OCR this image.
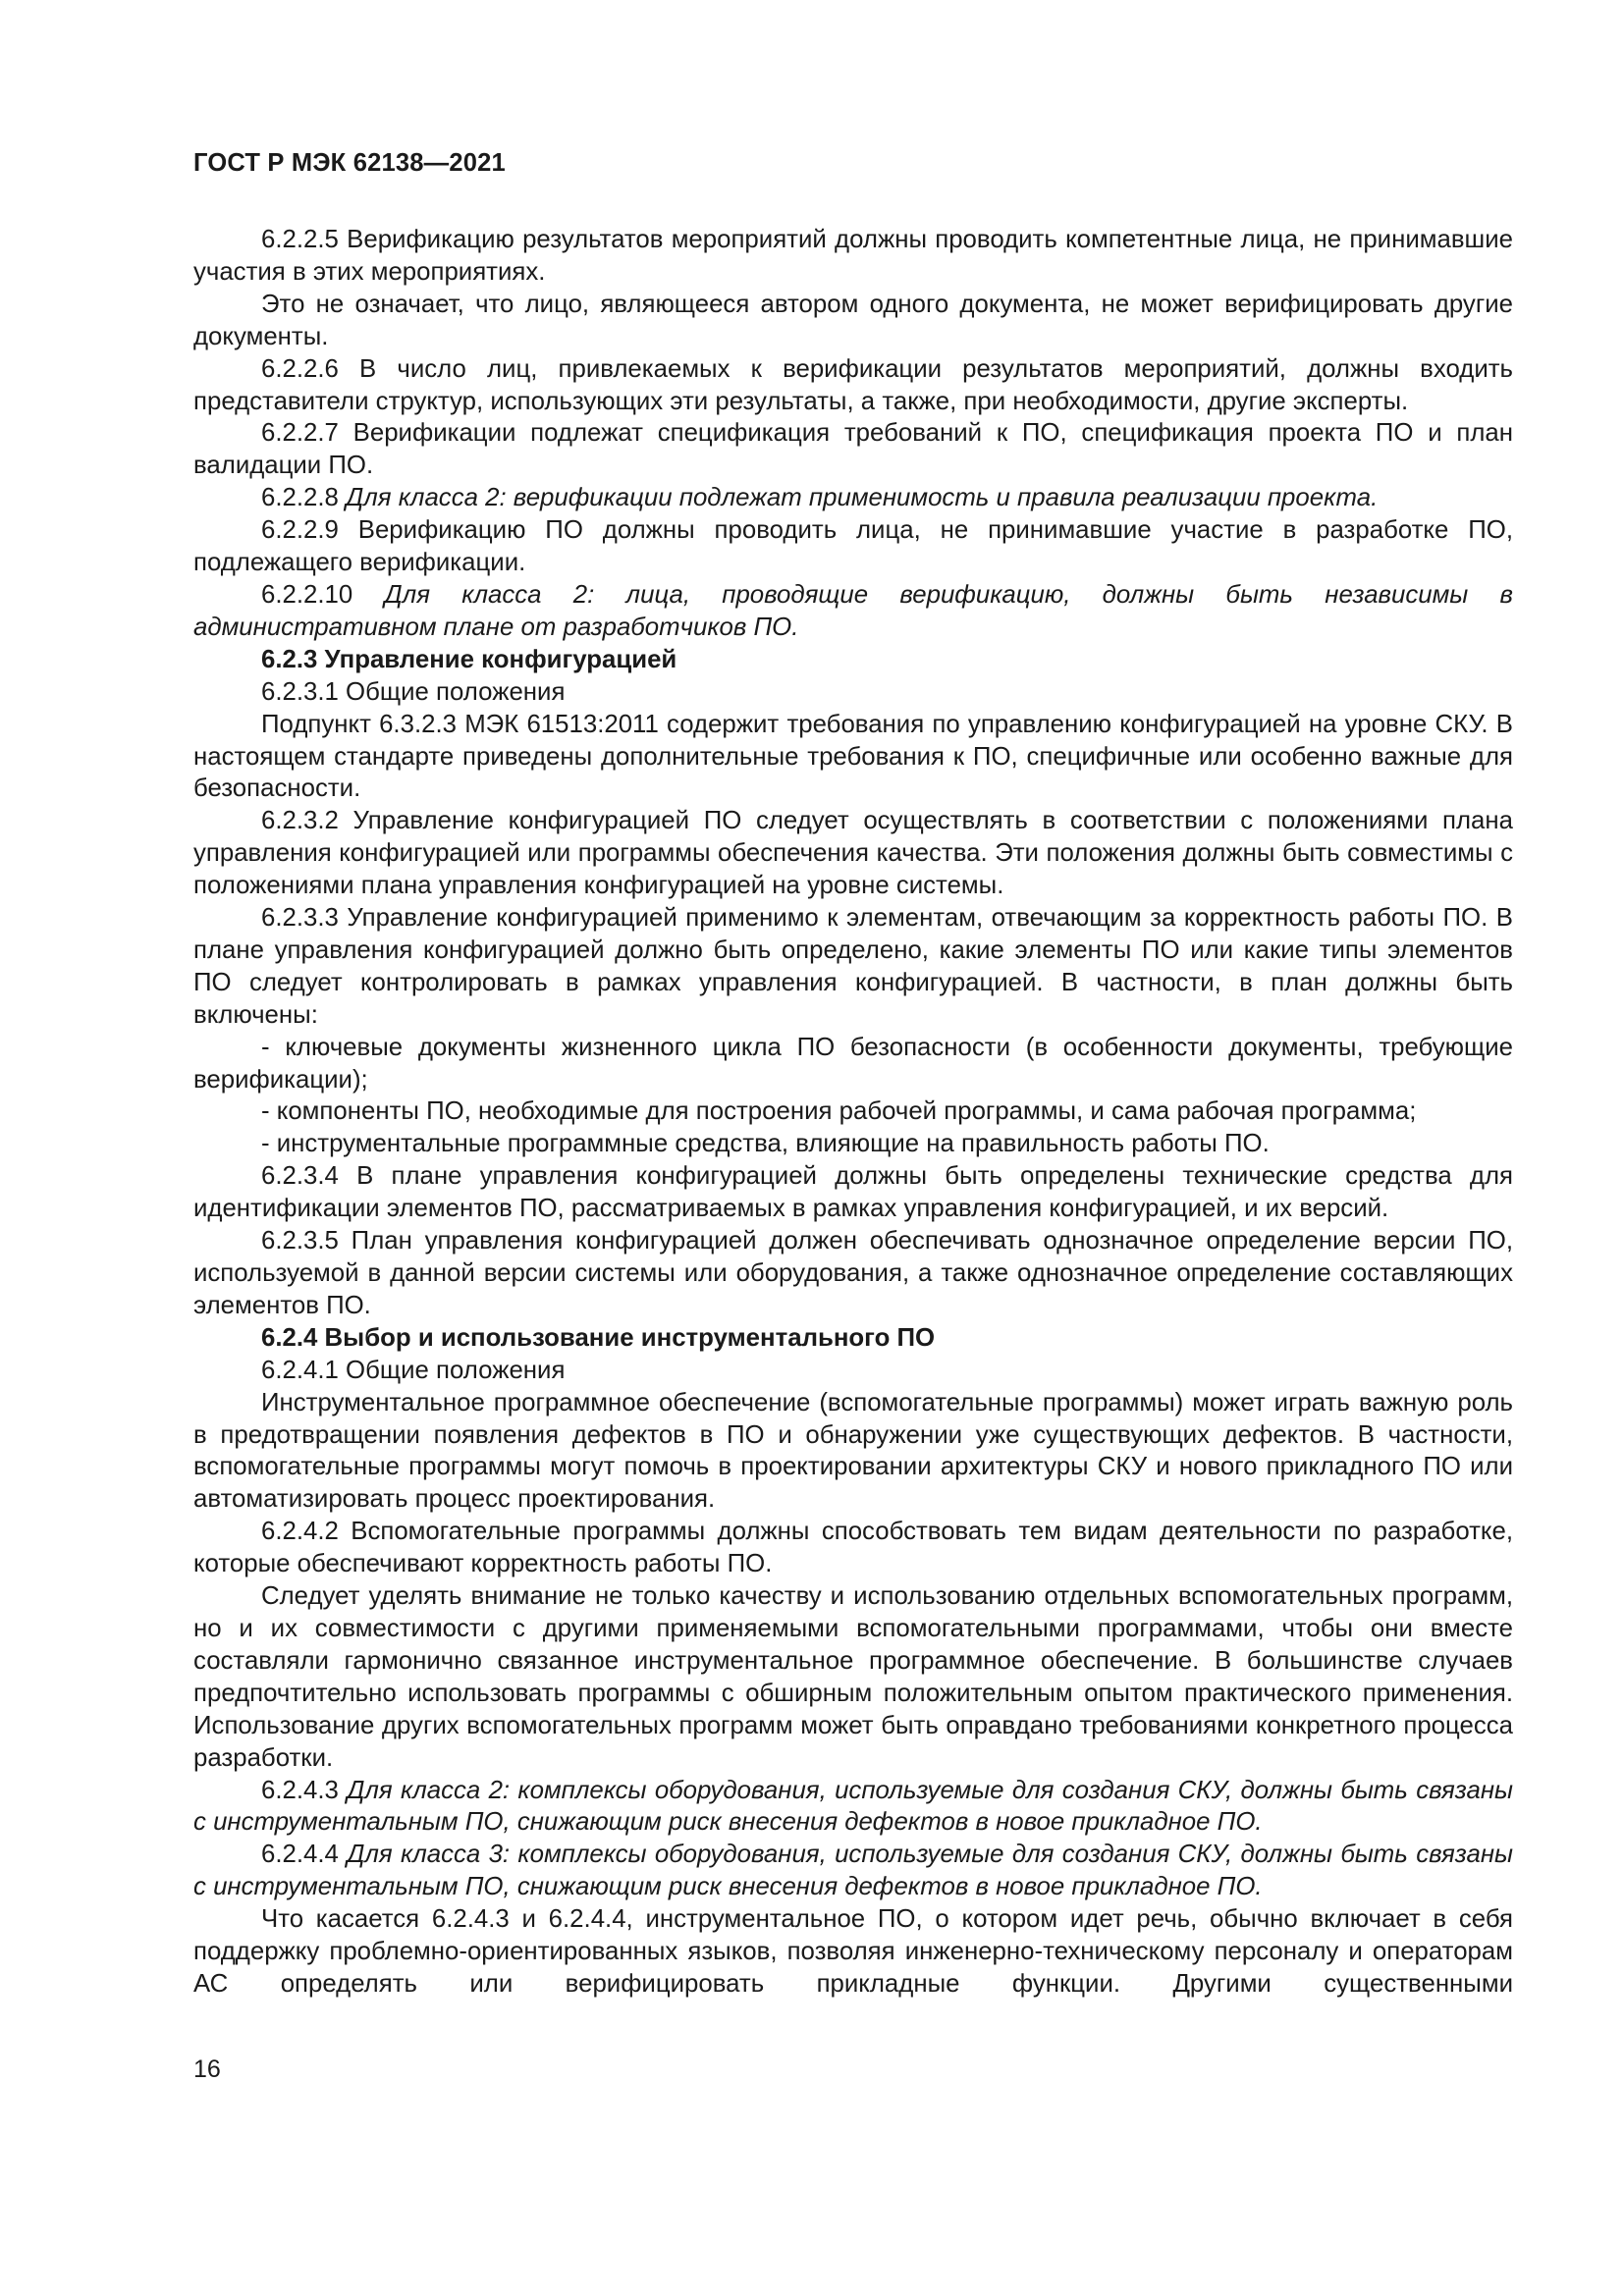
ГОСТ Р МЭК 62138—2021

6.2.2.5 Верификацию результатов мероприятий должны проводить компетентные лица, не принимавшие участия в этих мероприятиях.

Это не означает, что лицо, являющееся автором одного документа, не может верифицировать другие документы.

6.2.2.6 В число лиц, привлекаемых к верификации результатов мероприятий, должны входить представители структур, использующих эти результаты, а также, при необходимости, другие эксперты.

6.2.2.7 Верификации подлежат спецификация требований к ПО, спецификация проекта ПО и план валидации ПО.

6.2.2.8 Для класса 2: верификации подлежат применимость и правила реализации проекта.

6.2.2.9 Верификацию ПО должны проводить лица, не принимавшие участие в разработке ПО, подлежащего верификации.

6.2.2.10 Для класса 2: лица, проводящие верификацию, должны быть независимы в административном плане от разработчиков ПО.

6.2.3 Управление конфигурацией

6.2.3.1 Общие положения

Подпункт 6.3.2.3 МЭК 61513:2011 содержит требования по управлению конфигурацией на уровне СКУ. В настоящем стандарте приведены дополнительные требования к ПО, специфичные или особенно важные для безопасности.

6.2.3.2 Управление конфигурацией ПО следует осуществлять в соответствии с положениями плана управления конфигурацией или программы обеспечения качества. Эти положения должны быть совместимы с положениями плана управления конфигурацией на уровне системы.

6.2.3.3 Управление конфигурацией применимо к элементам, отвечающим за корректность работы ПО. В плане управления конфигурацией должно быть определено, какие элементы ПО или какие типы элементов ПО следует контролировать в рамках управления конфигурацией. В частности, в план должны быть включены:

- ключевые документы жизненного цикла ПО безопасности (в особенности документы, требующие верификации);

- компоненты ПО, необходимые для построения рабочей программы, и сама рабочая программа;

- инструментальные программные средства, влияющие на правильность работы ПО.

6.2.3.4 В плане управления конфигурацией должны быть определены технические средства для идентификации элементов ПО, рассматриваемых в рамках управления конфигурацией, и их версий.

6.2.3.5 План управления конфигурацией должен обеспечивать однозначное определение версии ПО, используемой в данной версии системы или оборудования, а также однозначное определение составляющих элементов ПО.

6.2.4 Выбор и использование инструментального ПО

6.2.4.1 Общие положения

Инструментальное программное обеспечение (вспомогательные программы) может играть важную роль в предотвращении появления дефектов в ПО и обнаружении уже существующих дефектов. В частности, вспомогательные программы могут помочь в проектировании архитектуры СКУ и нового прикладного ПО или автоматизировать процесс проектирования.

6.2.4.2 Вспомогательные программы должны способствовать тем видам деятельности по разработке, которые обеспечивают корректность работы ПО.

Следует уделять внимание не только качеству и использованию отдельных вспомогательных программ, но и их совместимости с другими применяемыми вспомогательными программами, чтобы они вместе составляли гармонично связанное инструментальное программное обеспечение. В большинстве случаев предпочтительно использовать программы с обширным положительным опытом практического применения. Использование других вспомогательных программ может быть оправдано требованиями конкретного процесса разработки.

6.2.4.3 Для класса 2: комплексы оборудования, используемые для создания СКУ, должны быть связаны с инструментальным ПО, снижающим риск внесения дефектов в новое прикладное ПО.

6.2.4.4 Для класса 3: комплексы оборудования, используемые для создания СКУ, должны быть связаны с инструментальным ПО, снижающим риск внесения дефектов в новое прикладное ПО.

Что касается 6.2.4.3 и 6.2.4.4, инструментальное ПО, о котором идет речь, обычно включает в себя поддержку проблемно-ориентированных языков, позволяя инженерно-техническому персоналу и операторам АС определять или верифицировать прикладные функции. Другими существенными

16
